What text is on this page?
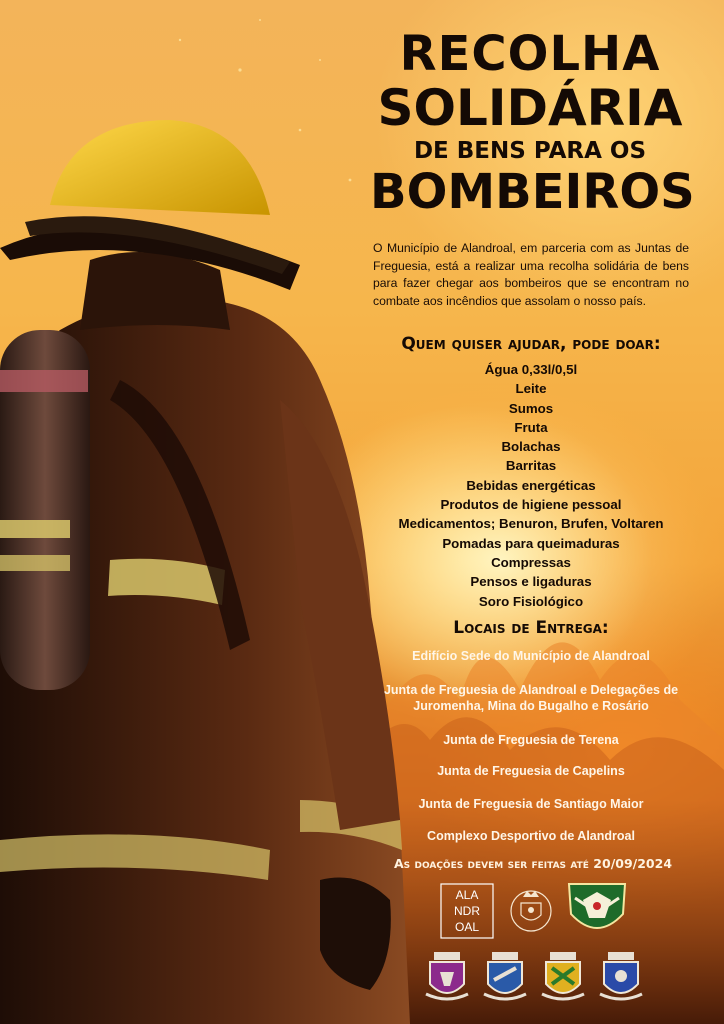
RECOLHA
SOLIDÁRIA
DE BENS PARA OS
BOMBEIROS
O Município de Alandroal, em parceria com as Juntas de Freguesia, está a realizar uma recolha solidária de bens para fazer chegar aos bombeiros que se encontram no combate aos incêndios que assolam o nosso país.
Quem quiser ajudar, pode doar:
Água 0,33l/0,5l
Leite
Sumos
Fruta
Bolachas
Barritas
Bebidas energéticas
Produtos de higiene pessoal
Medicamentos; Benuron, Brufen, Voltaren
Pomadas para queimaduras
Compressas
Pensos e ligaduras
Soro Fisiológico
Locais de Entrega:
Edifício Sede do Município de Alandroal
Junta de Freguesia de Alandroal e Delegações de Juromenha, Mina do Bugalho e Rosário
Junta de Freguesia de Terena
Junta de Freguesia de Capelins
Junta de Freguesia de Santiago Maior
Complexo Desportivo de Alandroal
As doações devem ser feitas até 20/09/2024
ALA
NDR
OAL
